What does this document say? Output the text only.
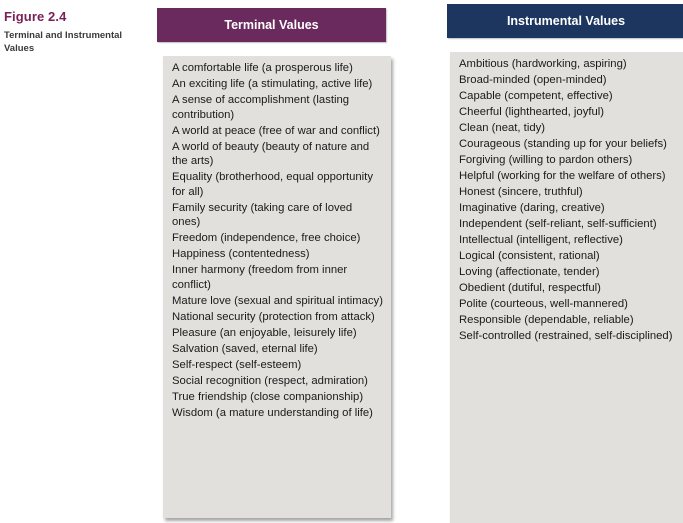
Figure 2.4
Terminal and Instrumental Values
Terminal Values
A comfortable life (a prosperous life)
An exciting life (a stimulating, active life)
A sense of accomplishment (lasting contribution)
A world at peace (free of war and conflict)
A world of beauty (beauty of nature and the arts)
Equality (brotherhood, equal opportunity for all)
Family security (taking care of loved ones)
Freedom (independence, free choice)
Happiness (contentedness)
Inner harmony (freedom from inner conflict)
Mature love (sexual and spiritual intimacy)
National security (protection from attack)
Pleasure (an enjoyable, leisurely life)
Salvation (saved, eternal life)
Self-respect (self-esteem)
Social recognition (respect, admiration)
True friendship (close companionship)
Wisdom (a mature understanding of life)
Instrumental Values
Ambitious (hardworking, aspiring)
Broad-minded (open-minded)
Capable (competent, effective)
Cheerful (lighthearted, joyful)
Clean (neat, tidy)
Courageous (standing up for your beliefs)
Forgiving (willing to pardon others)
Helpful (working for the welfare of others)
Honest (sincere, truthful)
Imaginative (daring, creative)
Independent (self-reliant, self-sufficient)
Intellectual (intelligent, reflective)
Logical (consistent, rational)
Loving (affectionate, tender)
Obedient (dutiful, respectful)
Polite (courteous, well-mannered)
Responsible (dependable, reliable)
Self-controlled (restrained, self-disciplined)
